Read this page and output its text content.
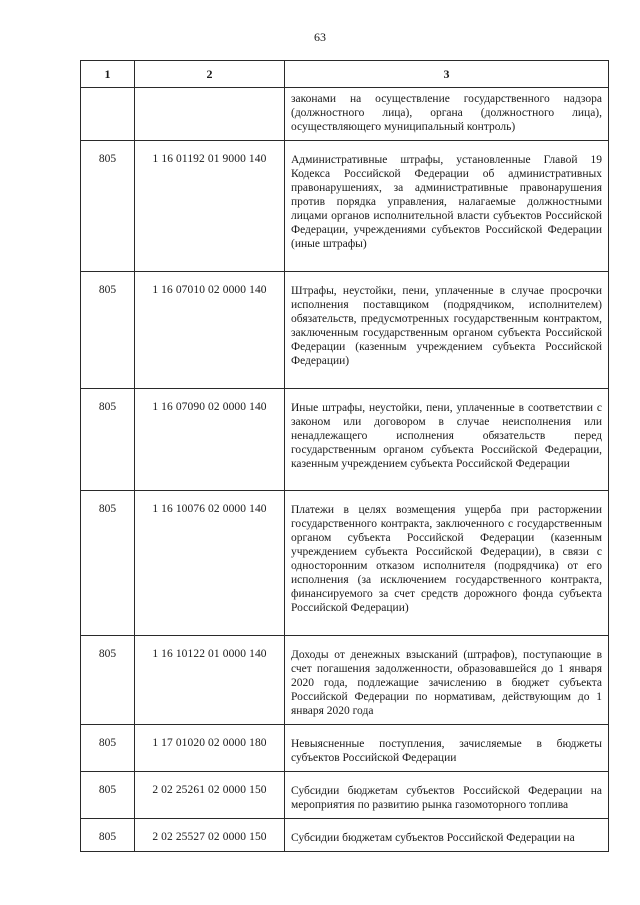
63
1	2	3
		законами на осуществление государственного надзора (должностного лица), органа (должностного лица), осуществляющего муниципальный контроль)
805	1 16 01192 01 9000 140	Административные штрафы, установленные Главой 19 Кодекса Российской Федерации об административных правонарушениях, за административные правонарушения против порядка управления, налагаемые должностными лицами органов исполнительной власти субъектов Российской Федерации, учреждениями субъектов Российской Федерации (иные штрафы)
805	1 16 07010 02 0000 140	Штрафы, неустойки, пени, уплаченные в случае просрочки исполнения поставщиком (подрядчиком, исполнителем) обязательств, предусмотренных государственным контрактом, заключенным государственным органом субъекта Российской Федерации (казенным учреждением субъекта Российской Федерации)
805	1 16 07090 02 0000 140	Иные штрафы, неустойки, пени, уплаченные в соответствии с законом или договором в случае неисполнения или ненадлежащего исполнения обязательств перед государственным органом субъекта Российской Федерации, казенным учреждением субъекта Российской Федерации
805	1 16 10076 02 0000 140	Платежи в целях возмещения ущерба при расторжении государственного контракта, заключенного с государственным органом субъекта Российской Федерации (казенным учреждением субъекта Российской Федерации), в связи с односторонним отказом исполнителя (подрядчика) от его исполнения (за исключением государственного контракта, финансируемого за счет средств дорожного фонда субъекта Российской Федерации)
805	1 16 10122 01 0000 140	Доходы от денежных взысканий (штрафов), поступающие в счет погашения задолженности, образовавшейся до 1 января 2020 года, подлежащие зачислению в бюджет субъекта Российской Федерации по нормативам, действующим до 1 января 2020 года
805	1 17 01020 02 0000 180	Невыясненные поступления, зачисляемые в бюджеты субъектов Российской Федерации
805	2 02 25261 02 0000 150	Субсидии бюджетам субъектов Российской Федерации на мероприятия по развитию рынка газомоторного топлива
805	2 02 25527 02 0000 150	Субсидии бюджетам субъектов Российской Федерации на
